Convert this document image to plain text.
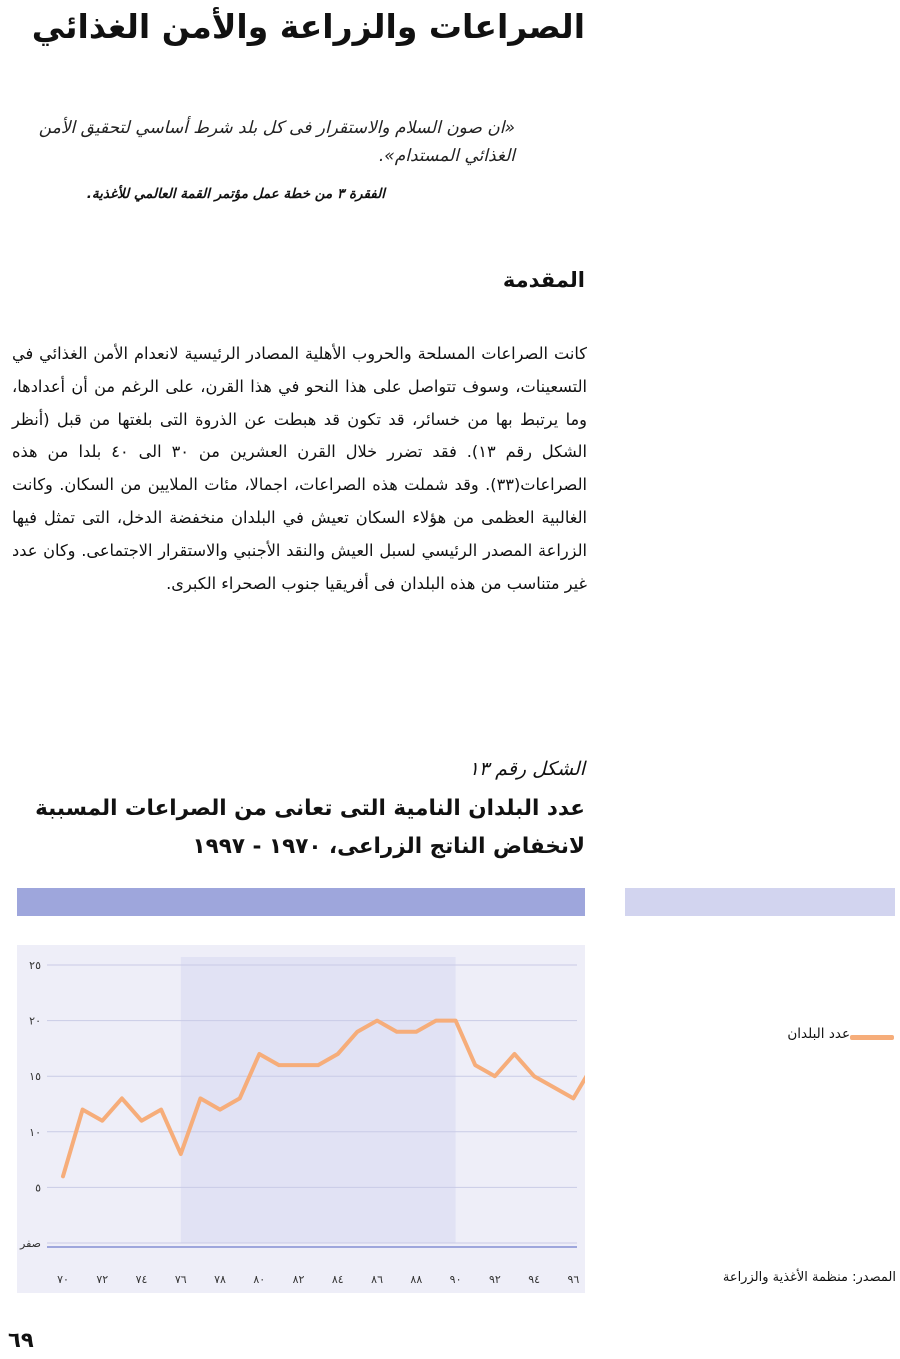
الصراعات والزراعة والأمن الغذائي
«ان صون السلام والاستقرار فى كل بلد شرط أساسي لتحقيق الأمن الغذائي المستدام».
الفقرة ٣ من خطة عمل مؤتمر القمة العالمي للأغذية.
المقدمة

كانت الصراعات المسلحة والحروب الأهلية المصادر الرئيسية لانعدام الأمن الغذائي في التسعينات، وسوف تتواصل على هذا النحو في هذا القرن، على الرغم من أن أعدادها، وما يرتبط بها من خسائر، قد تكون قد هبطت عن الذروة التى بلغتها من قبل (أنظر الشكل رقم ١٣). فقد تضرر خلال القرن العشرين من ٣٠ الى ٤٠ بلدا من هذه الصراعات(٣٣). وقد شملت هذه الصراعات، اجمالا، مئات الملايين من السكان. وكانت الغالبية العظمى من هؤلاء السكان تعيش في البلدان منخفضة الدخل، التى تمثل فيها الزراعة المصدر الرئيسي لسبل العيش والنقد الأجنبي والاستقرار الاجتماعى. وكان عدد غير متناسب من هذه البلدان فى أفريقيا جنوب الصحراء الكبرى.

الشكل رقم ١٣
عدد البلدان النامية التى تعانى من الصراعات المسببة لانخفاض الناتج الزراعى، ١٩٧٠ - ١٩٩٧
صفر
٥
١٠
١٥
٢٠
٢٥
٧٠ ٧٢ ٧٤ ٧٦ ٧٨ ٨٠ ٨٢ ٨٤ ٨٦ ٨٨ ٩٠ ٩٢ ٩٤ ٩٦
عدد البلدان
المصدر: منظمة الأغذية والزراعة
٦٩
